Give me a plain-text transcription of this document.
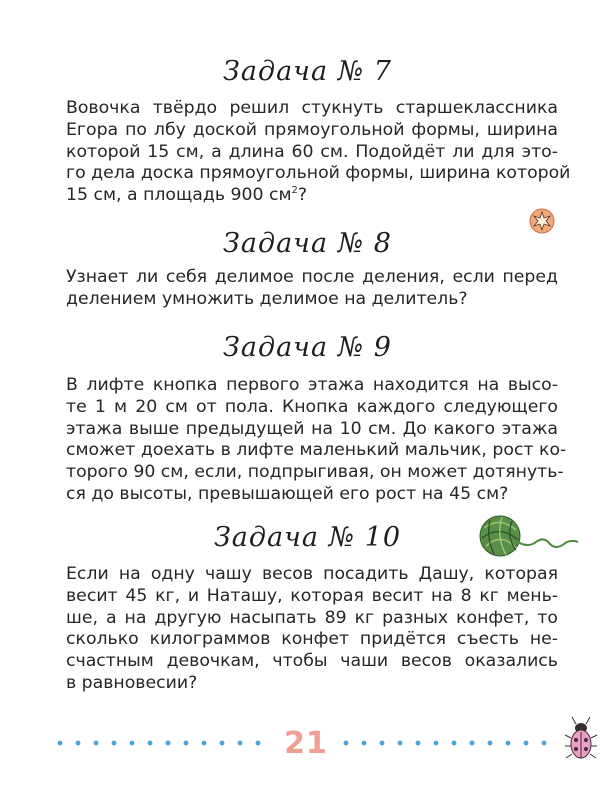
Задача № 7

Вовочка твёрдо решил стукнуть старшеклассника
Егора по лбу доской прямоугольной формы, ширина
которой 15 см, а длина 60 см. Подойдёт ли для это-
го дела доска прямоугольной формы, ширина которой
15 см, а площадь 900 $см^2$?

Задача № 8

Узнает ли себя делимое после деления, если перед
делением умножить делимое на делитель?

Задача № 9

В лифте кнопка первого этажа находится на высо-
те 1 м 20 см от пола. Кнопка каждого следующего
этажа выше предыдущей на 10 см. До какого этажа
сможет доехать в лифте маленький мальчик, рост ко-
торого 90 см, если, подпрыгивая, он может дотянуть-
ся до высоты, превышающей его рост на 45 см?

Задача № 10

Если на одну чашу весов посадить Дашу, которая
весит 45 кг, и Наташу, которая весит на 8 кг мень-
ше, а на другую насыпать 89 кг разных конфет, то
сколько килограммов конфет придётся съесть не-
счастным девочкам, чтобы чаши весов оказались
в равновесии?

21
